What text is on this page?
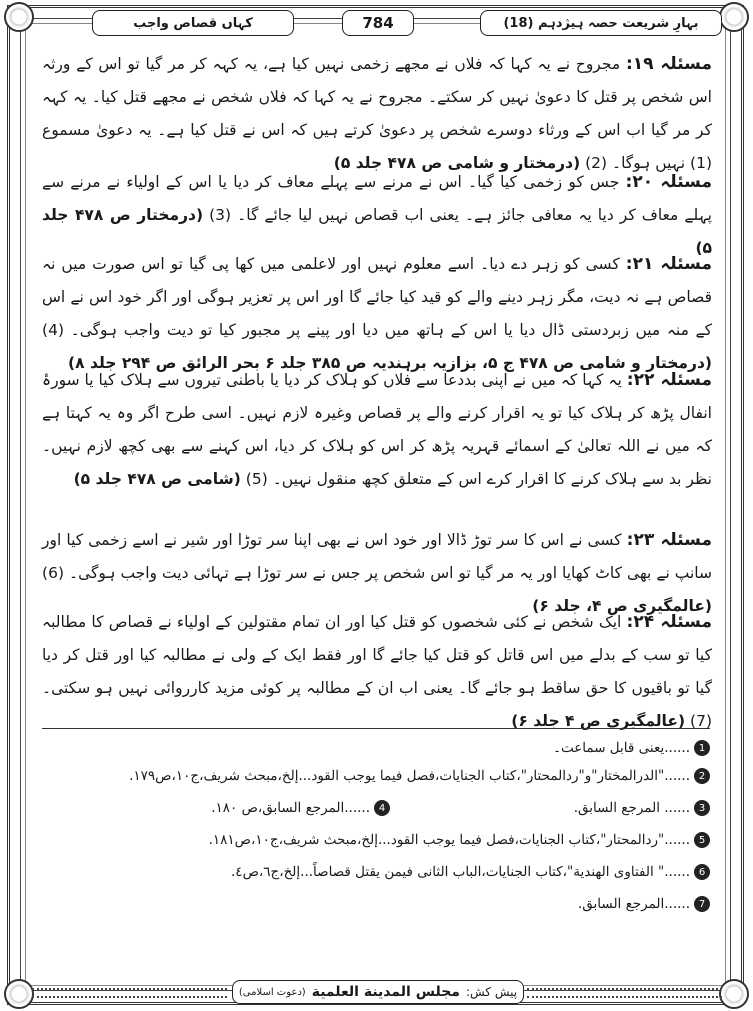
بہارِ شریعت حصہ ہیژدہم (18)
784
کہاں قصاص واجب
مسئلہ ۱۹: مجروح نے یہ کہا کہ فلاں نے مجھے زخمی نہیں کیا ہے، یہ کہہ کر مر گیا تو اس کے ورثہ اس شخص پر قتل کا دعویٰ نہیں کر سکتے۔ مجروح نے یہ کہا کہ فلاں شخص نے مجھے قتل کیا۔ یہ کہہ کر مر گیا اب اس کے ورثاء دوسرے شخص پر دعویٰ کرتے ہیں کہ اس نے قتل کیا ہے۔ یہ دعویٰ مسموع (1) نہیں ہوگا۔ (2) (درمختار و شامی ص ۴۷۸ جلد ۵)
مسئلہ ۲۰: جس کو زخمی کیا گیا۔ اس نے مرنے سے پہلے معاف کر دیا یا اس کے اولیاء نے مرنے سے پہلے معاف کر دیا یہ معافی جائز ہے۔ یعنی اب قصاص نہیں لیا جائے گا۔ (3) (درمختار ص ۴۷۸ جلد ۵)
مسئلہ ۲۱: کسی کو زہر دے دیا۔ اسے معلوم نہیں اور لاعلمی میں کھا پی گیا تو اس صورت میں نہ قصاص ہے نہ دیت، مگر زہر دینے والے کو قید کیا جائے گا اور اس پر تعزیر ہوگی اور اگر خود اس نے اس کے منہ میں زبردستی ڈال دیا یا اس کے ہاتھ میں دیا اور پینے پر مجبور کیا تو دیت واجب ہوگی۔ (4) (درمختار و شامی ص ۴۷۸ ج ۵، بزازیہ برہندیہ ص ۳۸۵ جلد ۶ بحر الرائق ص ۲۹۴ جلد ۸)
مسئلہ ۲۲: یہ کہا کہ میں نے اپنی بددعا سے فلاں کو ہلاک کر دیا یا باطنی تیروں سے ہلاک کیا یا سورۂ انفال پڑھ کر ہلاک کیا تو یہ اقرار کرنے والے پر قصاص وغیرہ لازم نہیں۔ اسی طرح اگر وہ یہ کہتا ہے کہ میں نے اللہ تعالیٰ کے اسمائے قہریہ پڑھ کر اس کو ہلاک کر دیا، اس کہنے سے بھی کچھ لازم نہیں۔ نظر بد سے ہلاک کرنے کا اقرار کرے اس کے متعلق کچھ منقول نہیں۔ (5) (شامی ص ۴۷۸ جلد ۵)
مسئلہ ۲۳: کسی نے اس کا سر توڑ ڈالا اور خود اس نے بھی اپنا سر توڑا اور شیر نے اسے زخمی کیا اور سانپ نے بھی کاٹ کھایا اور یہ مر گیا تو اس شخص پر جس نے سر توڑا ہے تہائی دیت واجب ہوگی۔ (6) (عالمگیری ص ۴، جلد ۶)
مسئلہ ۲۴: ایک شخص نے کئی شخصوں کو قتل کیا اور ان تمام مقتولین کے اولیاء نے قصاص کا مطالبہ کیا تو سب کے بدلے میں اس قاتل کو قتل کیا جائے گا اور فقط ایک کے ولی نے مطالبہ کیا اور قتل کر دیا گیا تو باقیوں کا حق ساقط ہو جائے گا۔ یعنی اب ان کے مطالبہ پر کوئی مزید کارروائی نہیں ہو سکتی۔ (7) (عالمگیری ص ۴ جلد ۶)
1
......یعنی قابل سماعت۔
2
......"الدرالمختار"و"ردالمحتار"،کتاب الجنايات،فصل فيما يوجب القود...إلخ،مبحث شريف،ج١٠،ص١٧٩.
3
...... المرجع السابق.
4
......المرجع السابق،ص ١٨٠.
5
......"ردالمحتار"،كتاب الجنايات،فصل فيما يوجب القود...إلخ،مبحث شريف،ج١٠،ص١٨١.
6
......" الفتاوى الهندية"،كتاب الجنايات،الباب الثانی فیمن يقتل قصاصاً...إلخ،ج٦،ص٤.
7
......المرجع السابق.
پیش کش:
مجلس المدينة العلمية
(دعوت اسلامی)
